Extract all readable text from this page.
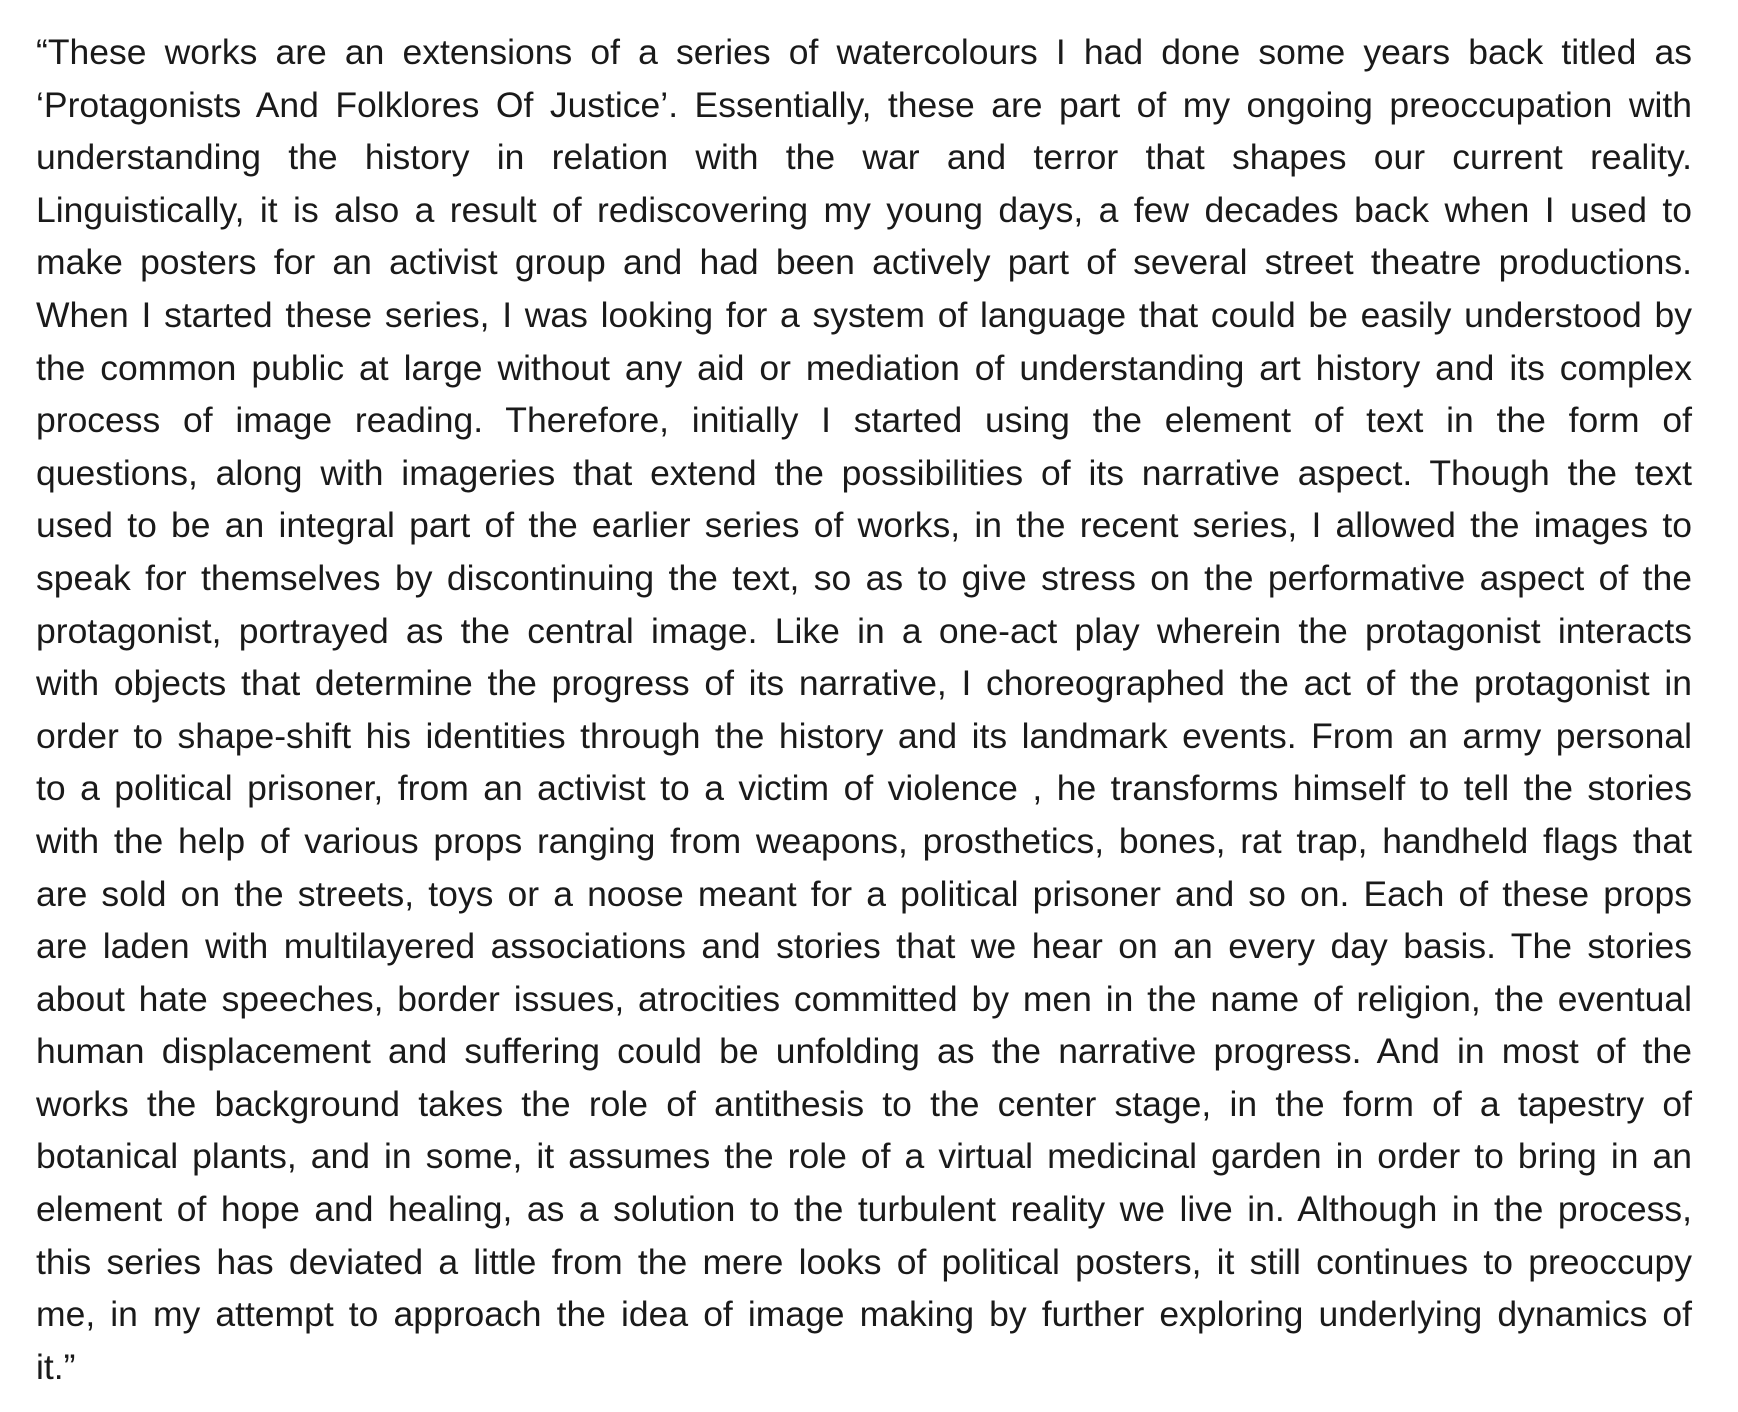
“These works are an extensions of a series of watercolours I had done some years back titled as
‘Protagonists And Folklores Of Justice’. Essentially, these are part of my ongoing preoccupation with
understanding the history in relation with the war and terror that shapes our current reality.
Linguistically, it is also a result of rediscovering my young days, a few decades back when I used to
make posters for an activist group and had been actively part of several street theatre productions.
When I started these series, I was looking for a system of language that could be easily understood by
the common public at large without any aid or mediation of understanding art history and its complex
process of image reading. Therefore, initially I started using the element of text in the form of
questions, along with imageries that extend the possibilities of its narrative aspect. Though the text
used to be an integral part of the earlier series of works, in the recent series, I allowed the images to
speak for themselves by discontinuing the text, so as to give stress on the performative aspect of the
protagonist, portrayed as the central image. Like in a one-act play wherein the protagonist interacts
with objects that determine the progress of its narrative, I choreographed the act of the protagonist in
order to shape-shift his identities through the history and its landmark events. From an army personal
to a political prisoner, from an activist to a victim of violence , he transforms himself to tell the stories
with the help of various props ranging from weapons, prosthetics, bones, rat trap, handheld flags that
are sold on the streets, toys or a noose meant for a political prisoner and so on. Each of these props
are laden with multilayered associations and stories that we hear on an every day basis. The stories
about hate speeches, border issues, atrocities committed by men in the name of religion, the eventual
human displacement and suffering could be unfolding as the narrative progress. And in most of the
works the background takes the role of antithesis to the center stage, in the form of a tapestry of
botanical plants, and in some, it assumes the role of a virtual medicinal garden in order to bring in an
element of hope and healing, as a solution to the turbulent reality we live in. Although in the process,
this series has deviated a little from the mere looks of political posters, it still continues to preoccupy
me, in my attempt to approach the idea of image making by further exploring underlying dynamics of
it.”
